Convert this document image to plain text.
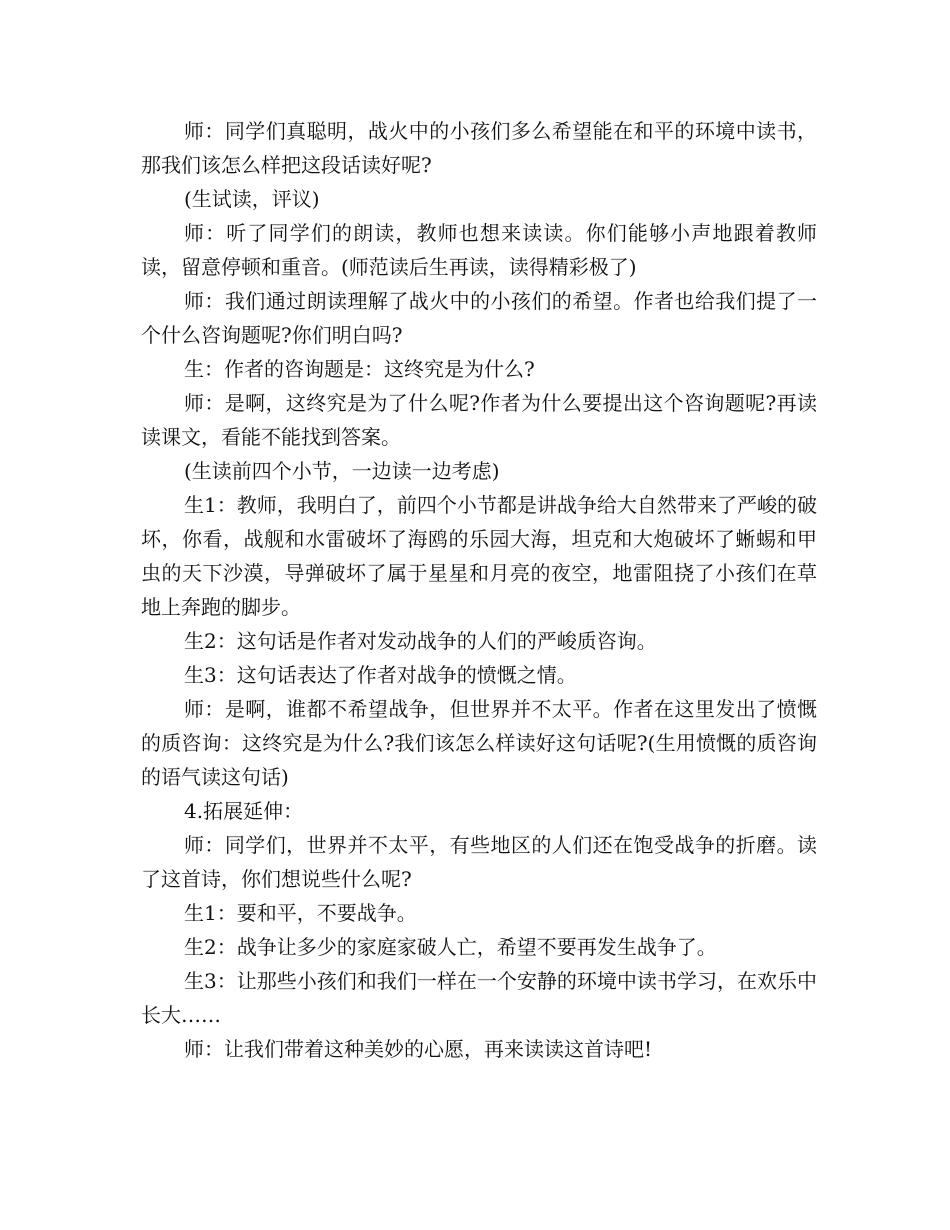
师：同学们真聪明，战火中的小孩们多么希望能在和平的环境中读书，那我们该怎么样把这段话读好呢?

(生试读，评议)

师：听了同学们的朗读，教师也想来读读。你们能够小声地跟着教师读，留意停顿和重音。(师范读后生再读，读得精彩极了)

师：我们通过朗读理解了战火中的小孩们的希望。作者也给我们提了一个什么咨询题呢?你们明白吗?

生：作者的咨询题是：这终究是为什么?

师：是啊，这终究是为了什么呢?作者为什么要提出这个咨询题呢?再读读课文，看能不能找到答案。

(生读前四个小节，一边读一边考虑)

生1：教师，我明白了，前四个小节都是讲战争给大自然带来了严峻的破坏，你看，战舰和水雷破坏了海鸥的乐园大海，坦克和大炮破坏了蜥蜴和甲虫的天下沙漠，导弹破坏了属于星星和月亮的夜空，地雷阻挠了小孩们在草地上奔跑的脚步。

生2：这句话是作者对发动战争的人们的严峻质咨询。

生3：这句话表达了作者对战争的愤慨之情。

师：是啊，谁都不希望战争，但世界并不太平。作者在这里发出了愤慨的质咨询：这终究是为什么?我们该怎么样读好这句话呢?(生用愤慨的质咨询的语气读这句话)

4.拓展延伸：

师：同学们，世界并不太平，有些地区的人们还在饱受战争的折磨。读了这首诗，你们想说些什么呢?

生1：要和平，不要战争。

生2：战争让多少的家庭家破人亡，希望不要再发生战争了。

生3：让那些小孩们和我们一样在一个安静的环境中读书学习，在欢乐中长大……

师：让我们带着这种美妙的心愿，再来读读这首诗吧!
